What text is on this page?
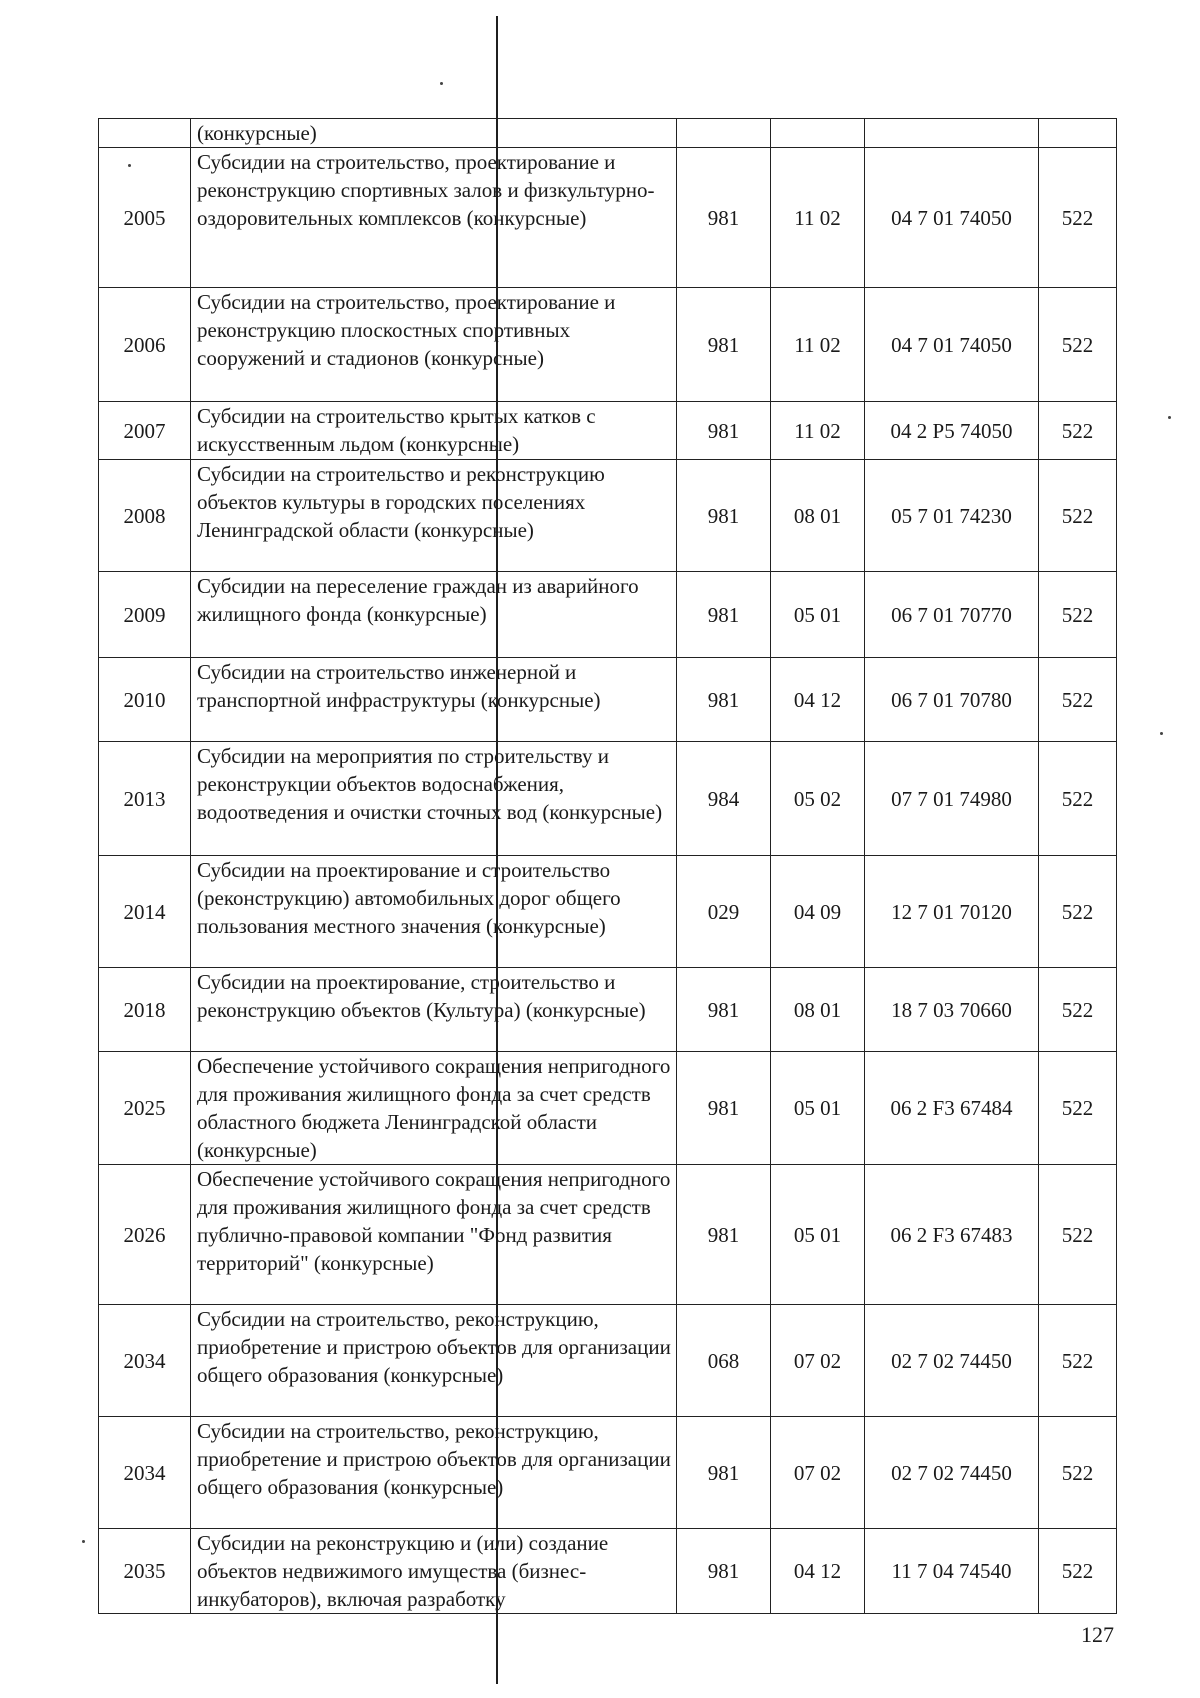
	(конкурсные)				
2005	Субсидии на строительство, проектирование и реконструкцию спортивных залов и физкультурно-оздоровительных комплексов (конкурсные)	981	11 02	04 7 01 74050	522
2006	Субсидии на строительство, проектирование и реконструкцию плоскостных спортивных сооружений и стадионов (конкурсные)	981	11 02	04 7 01 74050	522
2007	Субсидии на строительство крытых катков с искусственным льдом (конкурсные)	981	11 02	04 2 P5 74050	522
2008	Субсидии на строительство и реконструкцию объектов культуры в городских поселениях Ленинградской области (конкурсные)	981	08 01	05 7 01 74230	522
2009	Субсидии на переселение граждан из аварийного жилищного фонда (конкурсные)	981	05 01	06 7 01 70770	522
2010	Субсидии на строительство инженерной и транспортной инфраструктуры (конкурсные)	981	04 12	06 7 01 70780	522
2013	Субсидии на мероприятия по строительству и реконструкции объектов водоснабжения, водоотведения и очистки сточных вод (конкурсные)	984	05 02	07 7 01 74980	522
2014	Субсидии на проектирование и строительство (реконструкцию) автомобильных дорог общего пользования местного значения (конкурсные)	029	04 09	12 7 01 70120	522
2018	Субсидии на проектирование, строительство и реконструкцию объектов (Культура) (конкурсные)	981	08 01	18 7 03 70660	522
2025	Обеспечение устойчивого сокращения непригодного для проживания жилищного фонда за счет средств областного бюджета Ленинградской области (конкурсные)	981	05 01	06 2 F3 67484	522
2026	Обеспечение устойчивого сокращения непригодного для проживания жилищного фонда за счет средств публично-правовой компании "Фонд развития территорий" (конкурсные)	981	05 01	06 2 F3 67483	522
2034	Субсидии на строительство, реконструкцию, приобретение и пристрою объектов для организации общего образования (конкурсные)	068	07 02	02 7 02 74450	522
2034	Субсидии на строительство, реконструкцию, приобретение и пристрою объектов для организации общего образования (конкурсные)	981	07 02	02 7 02 74450	522
2035	Субсидии на реконструкцию и (или) создание объектов недвижимого имущества (бизнес-инкубаторов), включая разработку	981	04 12	11 7 04 74540	522
127
